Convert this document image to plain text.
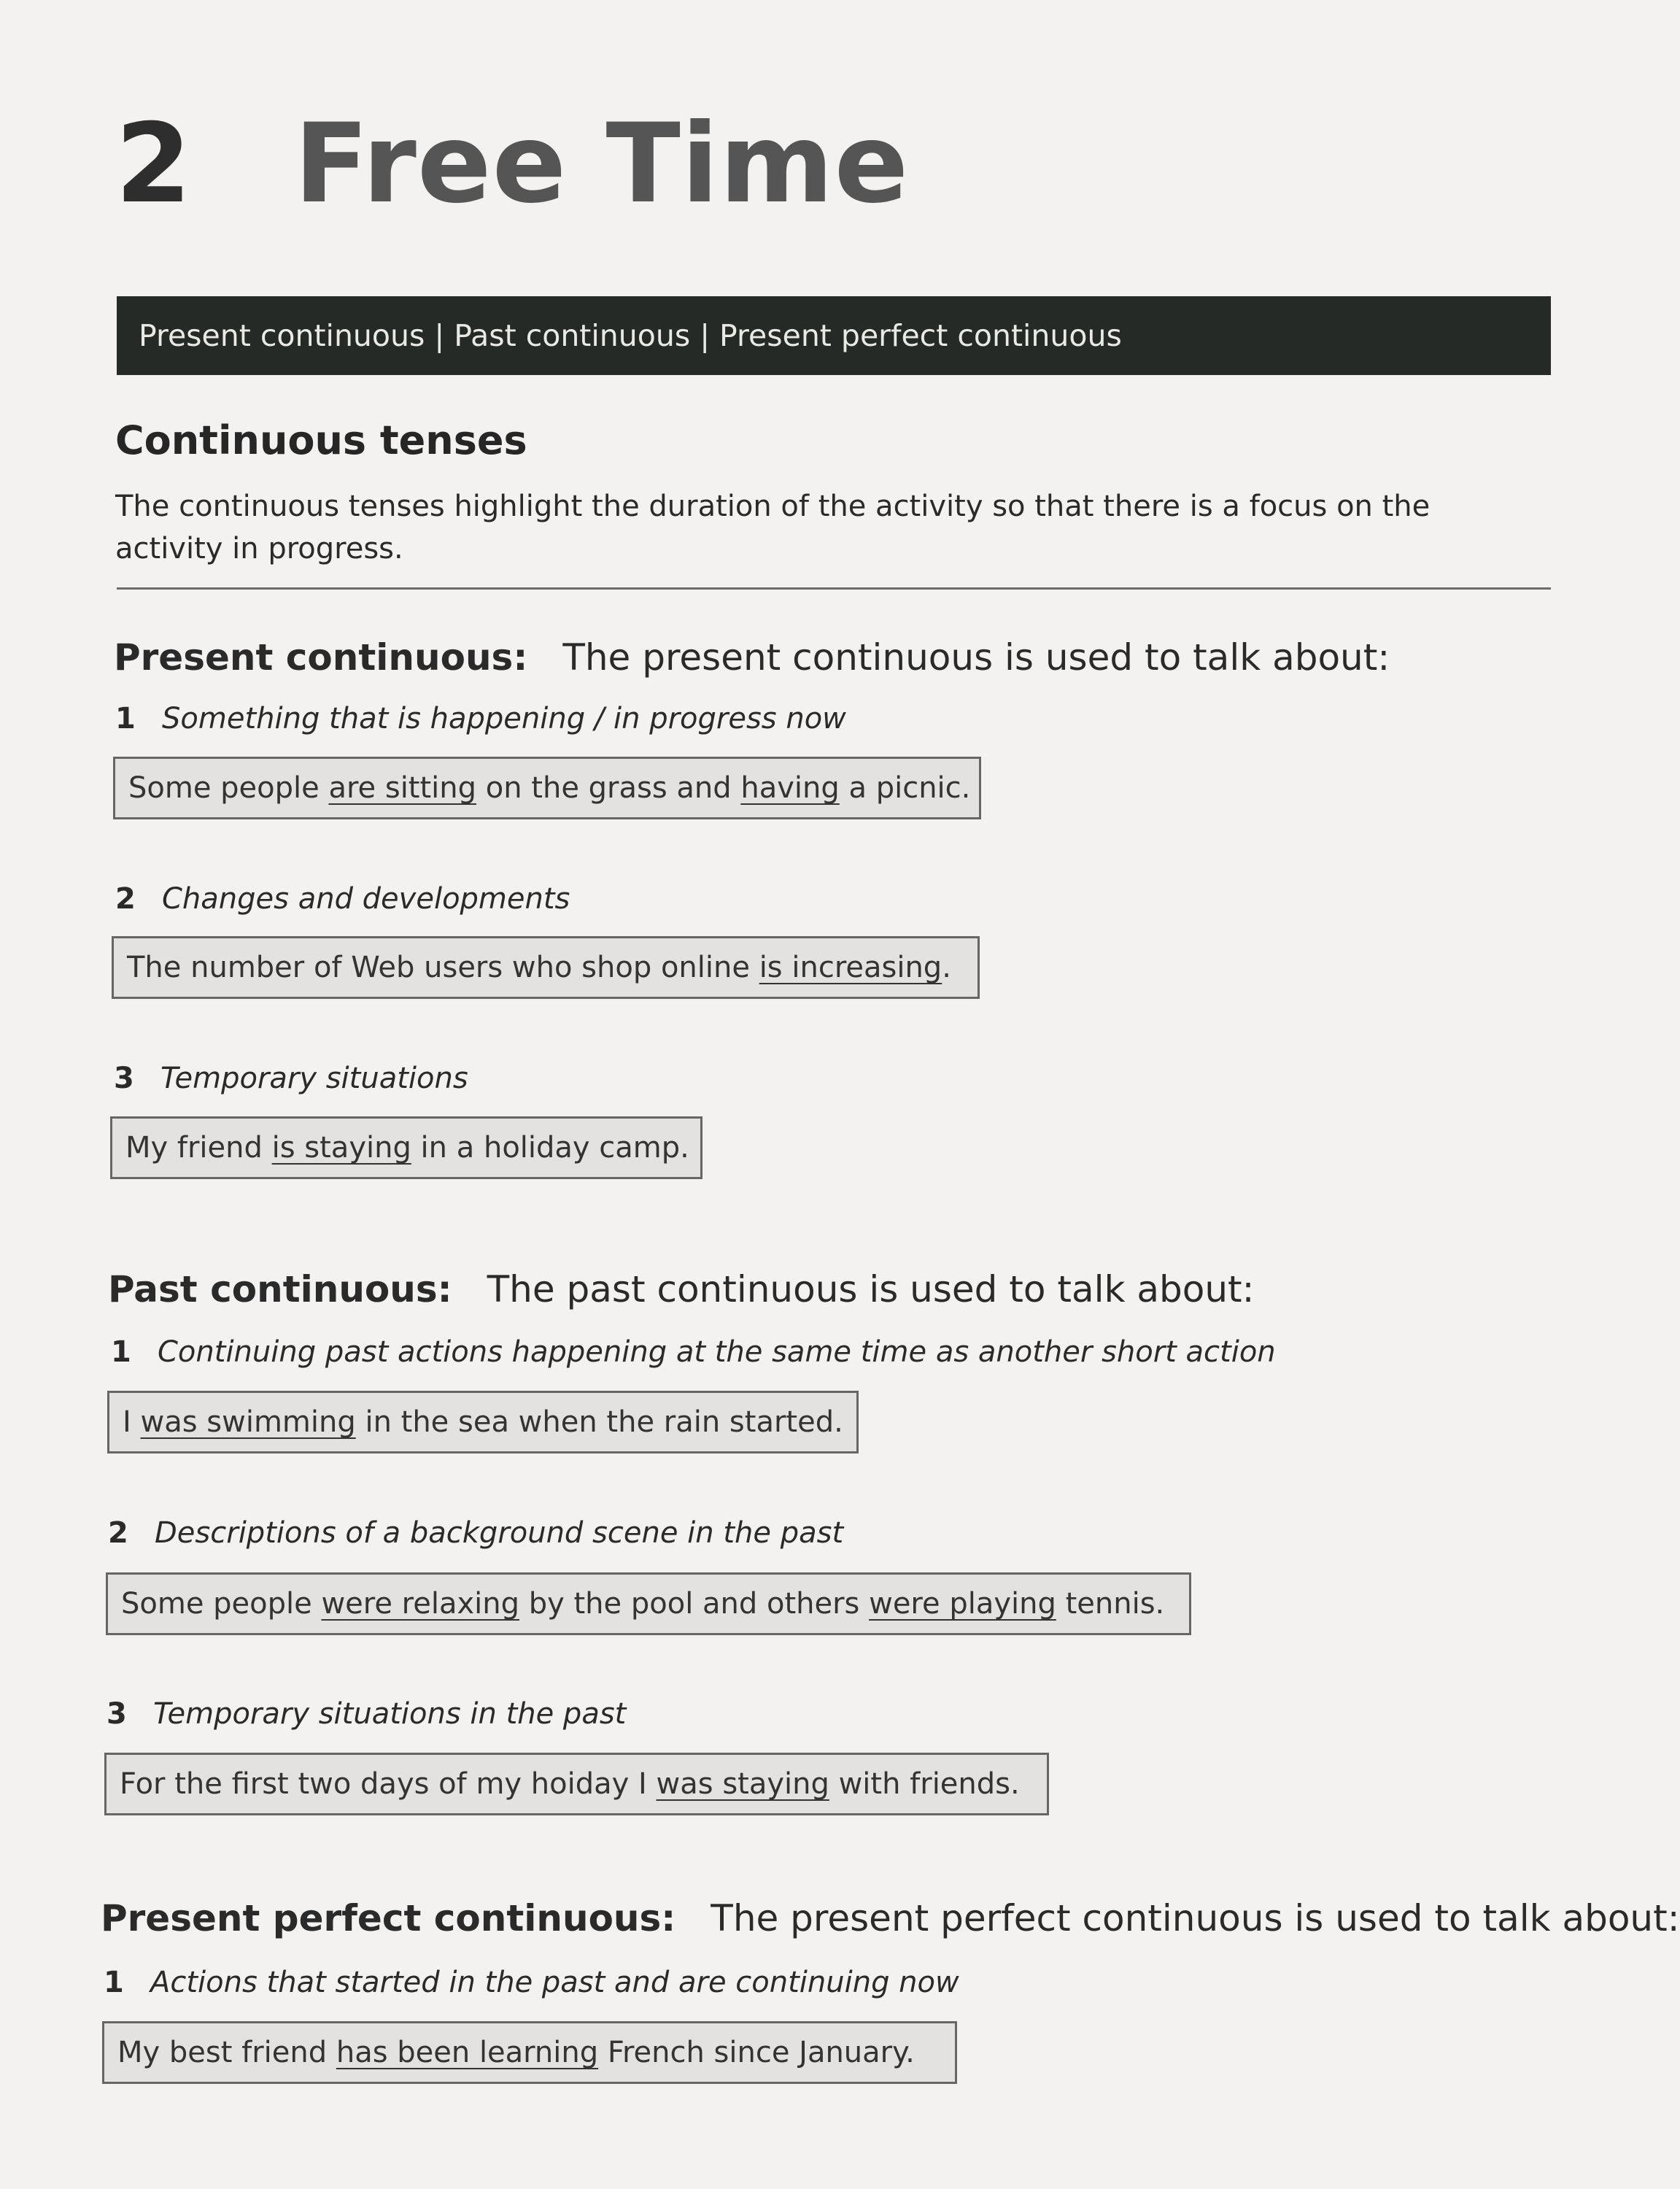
2 Free Time
Present continuous | Past continuous | Present perfect continuous
Continuous tenses

The continuous tenses highlight the duration of the activity so that there is a focus on the activity in progress.

Present continuous: The present continuous is used to talk about:

1 Something that is happening / in progress now

Some people are sitting on the grass and having a picnic.

2 Changes and developments

The number of Web users who shop online is increasing.

3 Temporary situations

My friend is staying in a holiday camp.

Past continuous: The past continuous is used to talk about:

1 Continuing past actions happening at the same time as another short action

I was swimming in the sea when the rain started.

2 Descriptions of a background scene in the past

Some people were relaxing by the pool and others were playing tennis.

3 Temporary situations in the past

For the first two days of my hoiday I was staying with friends.

Present perfect continuous: The present perfect continuous is used to talk about:

1 Actions that started in the past and are continuing now

My best friend has been learning French since January.
